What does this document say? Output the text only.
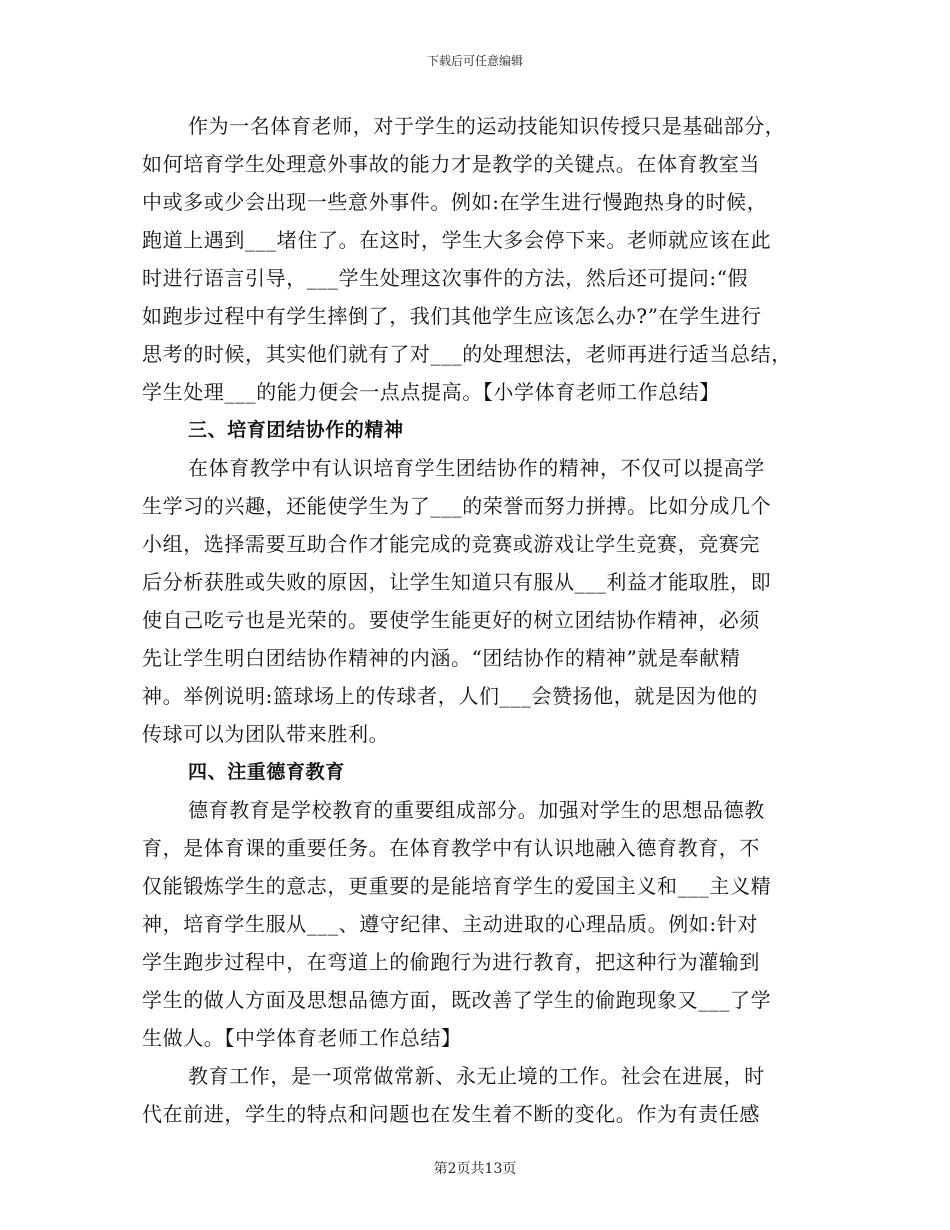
下载后可任意编辑
作为一名体育老师，对于学生的运动技能知识传授只是基础部分，
如何培育学生处理意外事故的能力才是教学的关键点。在体育教室当
中或多或少会出现一些意外事件。例如:在学生进行慢跑热身的时候，
跑道上遇到___堵住了。在这时，学生大多会停下来。老师就应该在此
时进行语言引导，___学生处理这次事件的方法，然后还可提问:“假
如跑步过程中有学生摔倒了，我们其他学生应该怎么办?”在学生进行
思考的时候，其实他们就有了对___的处理想法，老师再进行适当总结，
学生处理___的能力便会一点点提高。【小学体育老师工作总结】
三、培育团结协作的精神
在体育教学中有认识培育学生团结协作的精神，不仅可以提高学
生学习的兴趣，还能使学生为了___的荣誉而努力拼搏。比如分成几个
小组，选择需要互助合作才能完成的竞赛或游戏让学生竞赛，竞赛完
后分析获胜或失败的原因，让学生知道只有服从___利益才能取胜，即
使自己吃亏也是光荣的。要使学生能更好的树立团结协作精神，必须
先让学生明白团结协作精神的内涵。“团结协作的精神”就是奉献精
神。举例说明:篮球场上的传球者，人们___会赞扬他，就是因为他的
传球可以为团队带来胜利。
四、注重德育教育
德育教育是学校教育的重要组成部分。加强对学生的思想品德教
育，是体育课的重要任务。在体育教学中有认识地融入德育教育，不
仅能锻炼学生的意志，更重要的是能培育学生的爱国主义和___主义精
神，培育学生服从___、遵守纪律、主动进取的心理品质。例如:针对
学生跑步过程中，在弯道上的偷跑行为进行教育，把这种行为灌输到
学生的做人方面及思想品德方面，既改善了学生的偷跑现象又___了学
生做人。【中学体育老师工作总结】
教育工作，是一项常做常新、永无止境的工作。社会在进展，时
代在前进，学生的特点和问题也在发生着不断的变化。作为有责任感
第2页共13页
